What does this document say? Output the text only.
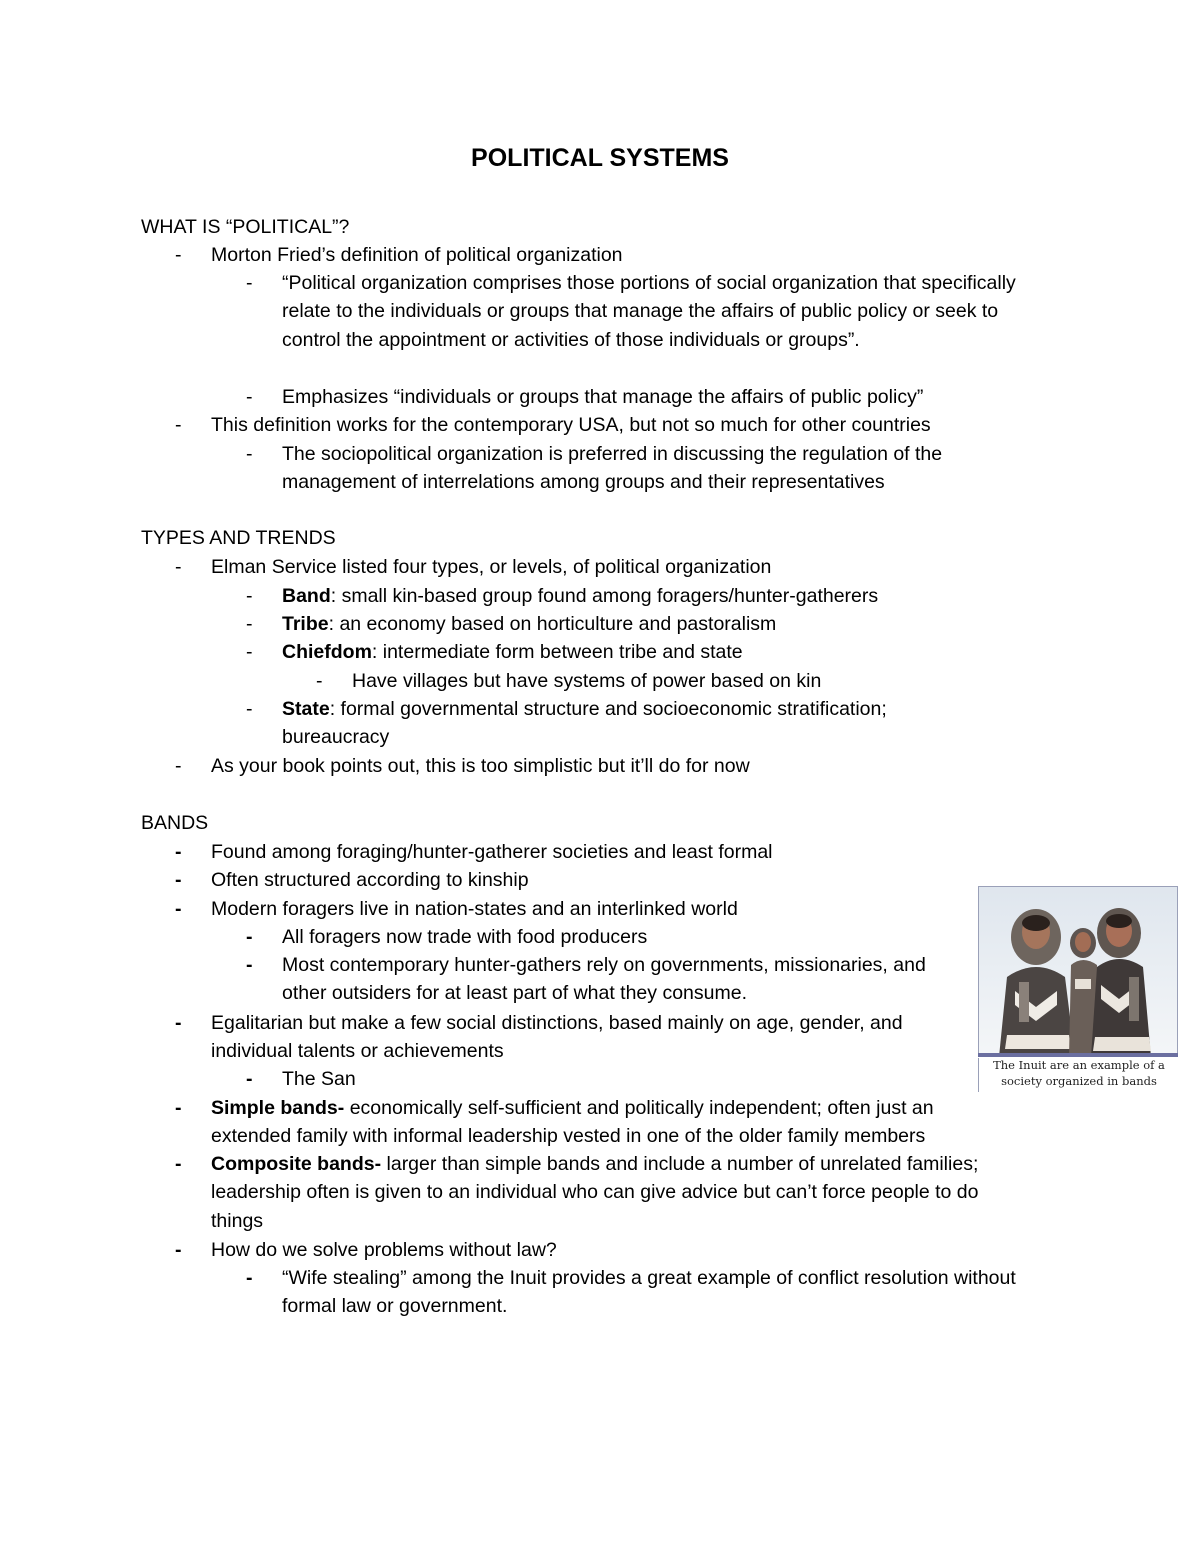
POLITICAL SYSTEMS
WHAT IS “POLITICAL”?
- Morton Fried’s definition of political organization
- “Political organization comprises those portions of social organization that specifically relate to the individuals or groups that manage the affairs of public policy or seek to control the appointment or activities of those individuals or groups”.
- Emphasizes “individuals or groups that manage the affairs of public policy”
- This definition works for the contemporary USA, but not so much for other countries
- The sociopolitical organization is preferred in discussing the regulation of the management of interrelations among groups and their representatives
TYPES AND TRENDS
- Elman Service listed four types, or levels, of political organization
- Band: small kin-based group found among foragers/hunter-gatherers
- Tribe: an economy based on horticulture and pastoralism
- Chiefdom: intermediate form between tribe and state
- Have villages but have systems of power based on kin
- State: formal governmental structure and socioeconomic stratification; bureaucracy
- As your book points out, this is too simplistic but it’ll do for now
BANDS
- Found among foraging/hunter-gatherer societies and least formal
- Often structured according to kinship
- Modern foragers live in nation-states and an interlinked world
- All foragers now trade with food producers
- Most contemporary hunter-gathers rely on governments, missionaries, and other outsiders for at least part of what they consume.
- Egalitarian but make a few social distinctions, based mainly on age, gender, and individual talents or achievements
- The San
- Simple bands- economically self-sufficient and politically independent; often just an extended family with informal leadership vested in one of the older family members
- Composite bands- larger than simple bands and include a number of unrelated families; leadership often is given to an individual who can give advice but can’t force people to do things
- How do we solve problems without law?
- “Wife stealing” among the Inuit provides a great example of conflict resolution without formal law or government.
The Inuit are an example of a society organized in bands
